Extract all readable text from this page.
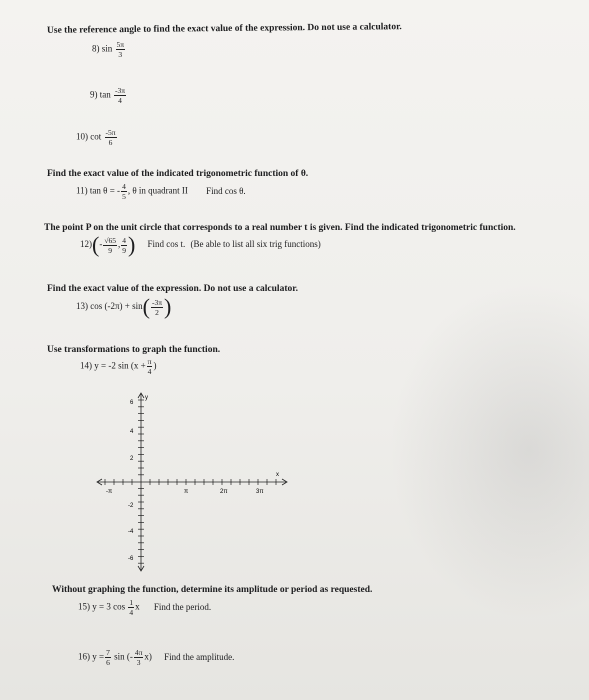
Use the reference angle to find the exact value of the expression. Do not use a calculator.
8) $\sin \frac{5\pi}{3}$
9) $\tan \frac{-3\pi}{4}$
10) $\cot \frac{-5\pi}{6}$
Find the exact value of the indicated trigonometric function of θ.
11) tan θ = - $\frac{4}{5}$ , θ in quadrant II Find cos θ.
The point P on the unit circle that corresponds to a real number t is given. Find the indicated trigonometric function.
$12)(- \frac{√65}{9}$ , $\frac{4}{9}$ ) Find cos t. (Be able to list all six trig functions)
Find the exact value of the expression. Do not use a calculator.
13) $\cos (-2\pi) + \sin( \frac{-3\pi}{2}$ )
Use transformations to graph the function.
14) y = -2 $\sin (x + \frac{\pi}{4}$ )
y
x
6
4
2
-2
-4
-6
-π	π	2π	3π
Without graphing the function, determine its amplitude or period as requested.
15) y = 3 $\cos \frac{1}{4}$ x Find the period.
16) $y = \frac{7}{6}$ sin (- $\frac{4\pi}{3} x$) Find the amplitude.
